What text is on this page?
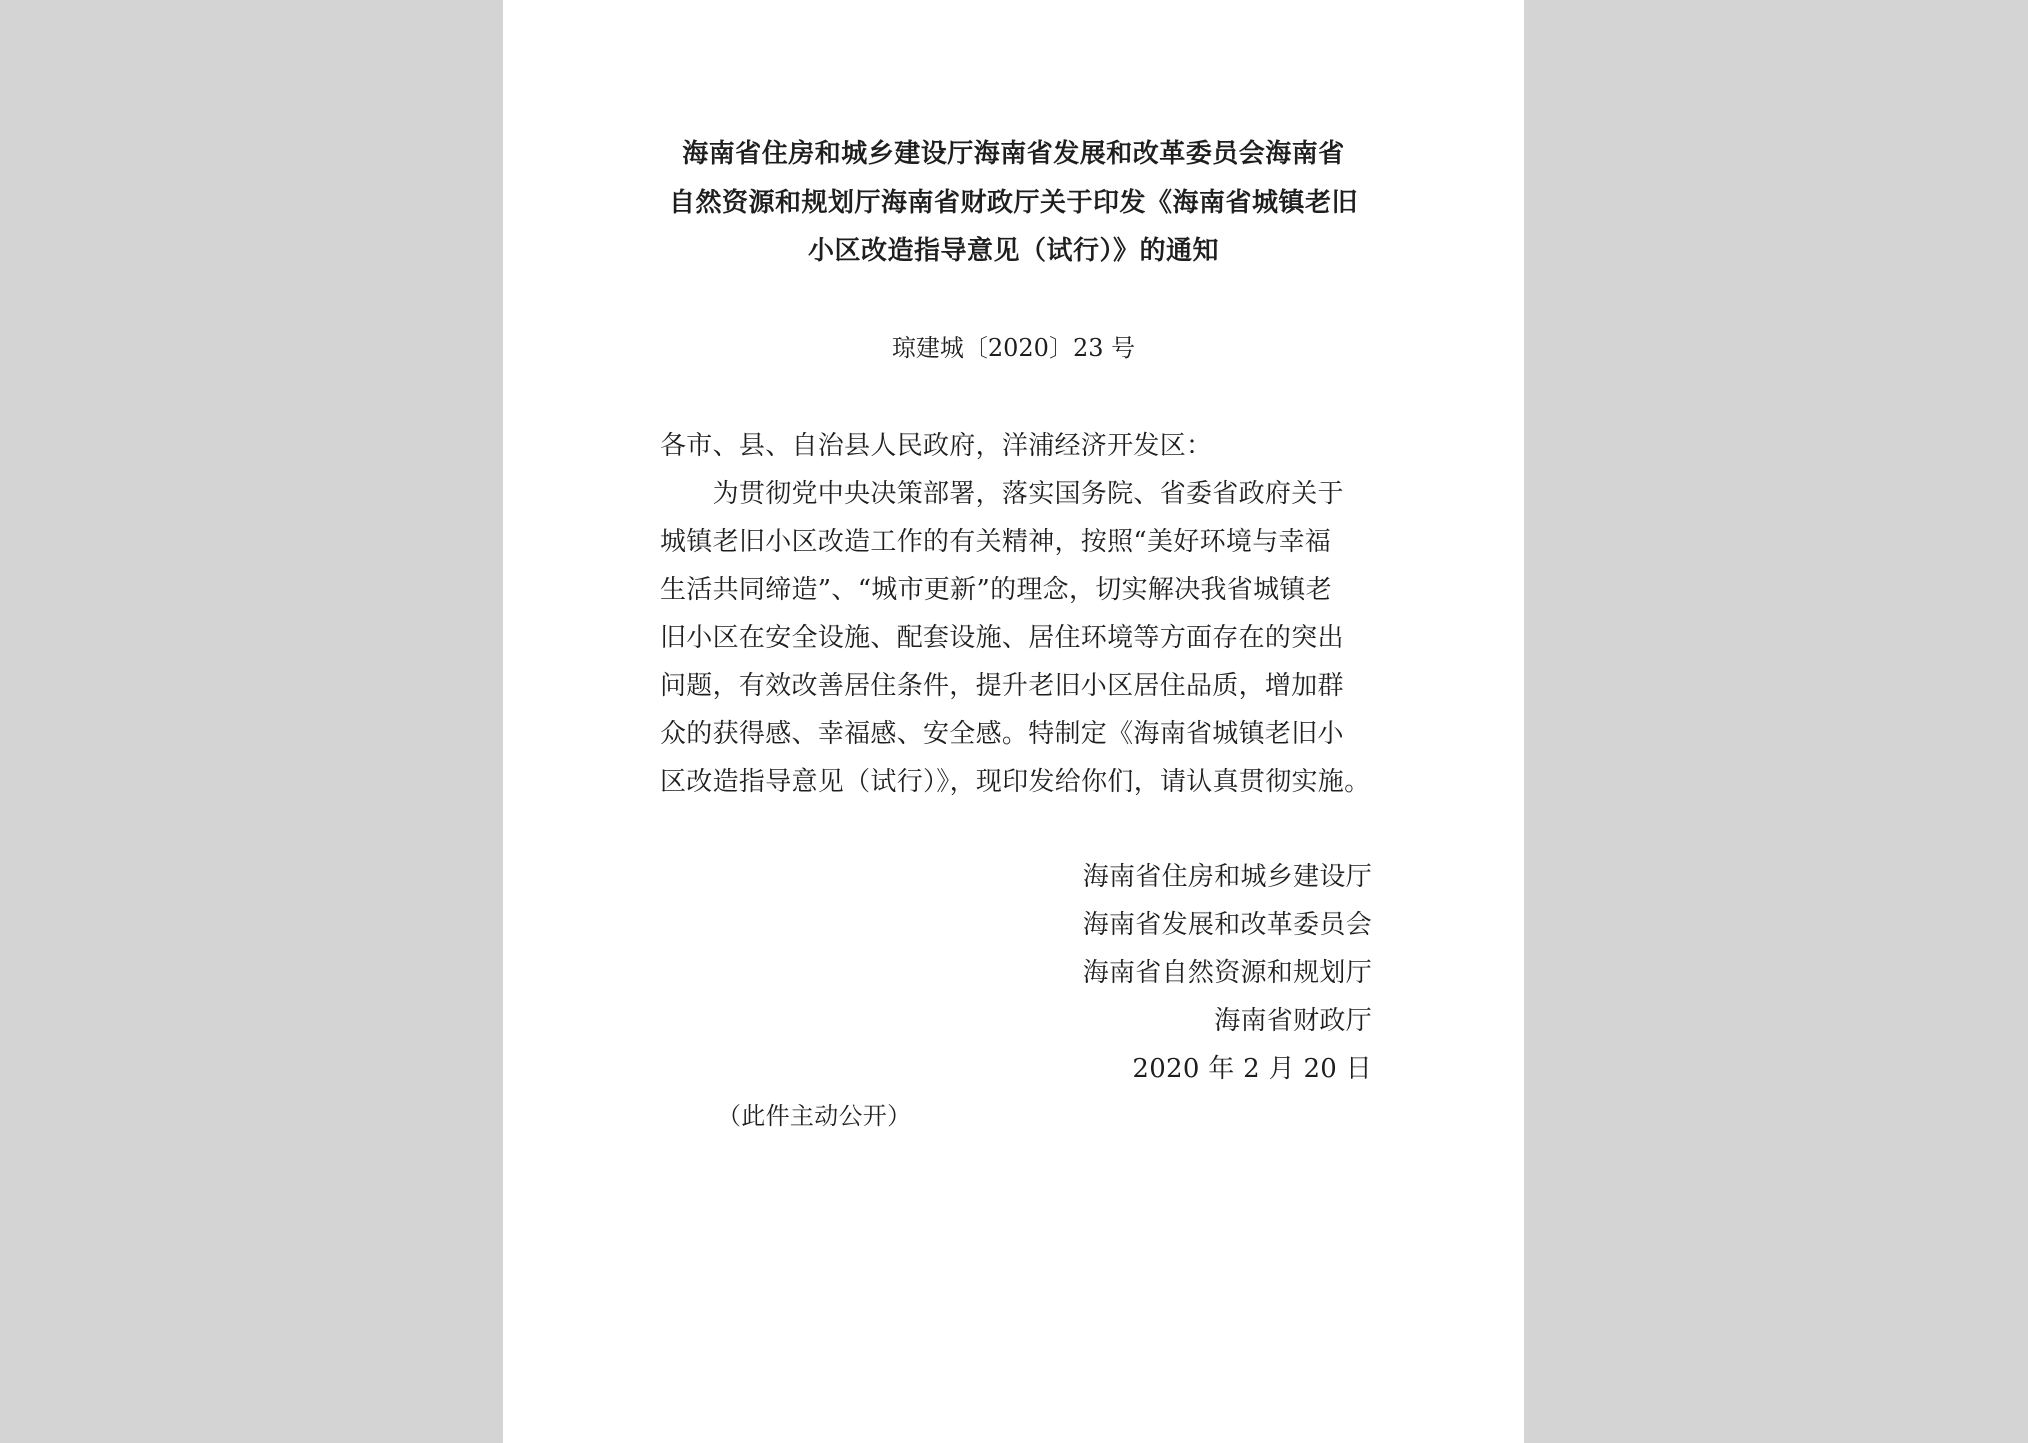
海南省住房和城乡建设厅海南省发展和改革委员会海南省

自然资源和规划厅海南省财政厅关于印发《海南省城镇老旧

小区改造指导意见（试行）》的通知

琼建城〔2020〕23 号

各市、县、自治县人民政府，洋浦经济开发区：

　　为贯彻党中央决策部署，落实国务院、省委省政府关于

城镇老旧小区改造工作的有关精神，按照“美好环境与幸福

生活共同缔造”、“城市更新”的理念，切实解决我省城镇老

旧小区在安全设施、配套设施、居住环境等方面存在的突出

问题，有效改善居住条件，提升老旧小区居住品质，增加群

众的获得感、幸福感、安全感。特制定《海南省城镇老旧小

区改造指导意见（试行）》，现印发给你们，请认真贯彻实施。

海南省住房和城乡建设厅

海南省发展和改革委员会

海南省自然资源和规划厅

海南省财政厅

2020 年 2 月 20 日

（此件主动公开）
